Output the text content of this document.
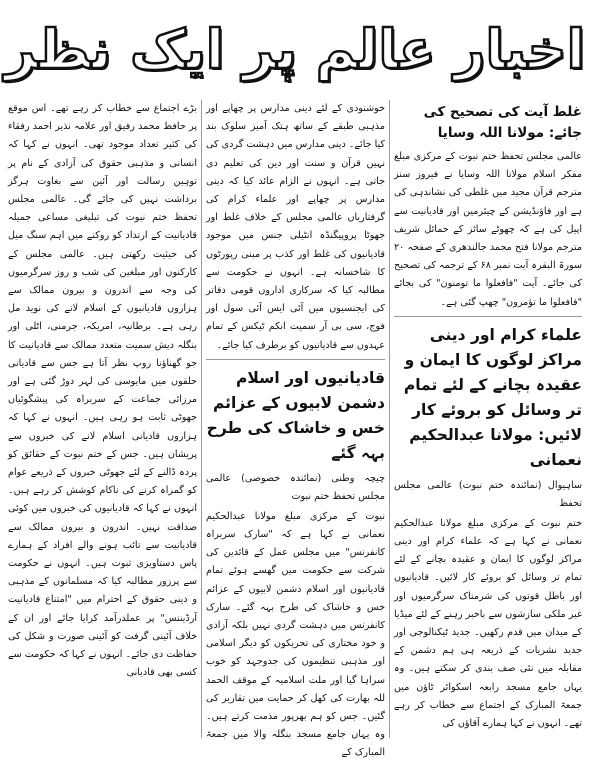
اخبار عالم پر ایک نظر
غلط آیت کی تصحیح کی جائے: مولانا اللہ وسایا

عالمی مجلس تحفظ ختم نبوت کے مرکزی مبلغ مفکر اسلام مولانا اللہ وسایا نے فیروز سنز مترجم قرآن مجید میں غلطی کی نشاندہی کی ہے اور فاؤنڈیشن کے چیئرمین اور قادیانیت سے اپیل کی ہے کہ چھوٹے سائز کے حمائل شریف مترجم مولانا فتح محمد جالندھری کے صفحہ ۲۰ سورۃ البقرہ آیت نمبر ۶۸ کے ترجمہ کی تصحیح کی جائے۔ آیت "فافعلوا ما تومنون" کی بجائے "فافعلوا ما تؤمرون" چھپ گئی ہے۔

علماء کرام اور دینی مراکز لوگوں کا ایمان و عقیدہ بچانے کے لئے تمام تر وسائل کو بروئے کار لائیں: مولانا عبدالحکیم نعمانی
ساہیوال (نمائندہ ختم نبوت) عالمی مجلس تحفظ

ختم نبوت کے مرکزی مبلغ مولانا عبدالحکیم نعمانی نے کہا ہے کہ علماء کرام اور دینی مراکز لوگوں کا ایمان و عقیدہ بچانے کے لئے تمام تر وسائل کو بروئے کار لائیں۔ قادیانیوں اور باطل قوتوں کی شرمناک سرگرمیوں اور غیر ملکی سازشوں سے باخبر رہنے کے لئے میڈیا کے میدان میں قدم رکھیں۔ جدید ٹیکنالوجی اور جدید نشریات کے ذریعہ ہی ہم دشمن کے مقابلہ میں نئی صف بندی کر سکتے ہیں۔ وہ یہاں جامع مسجد رابعہ اسکوائر ٹاؤن میں جمعۃ المبارک کے اجتماع سے خطاب کر رہے تھے۔ انہوں نے کہا ہمارے آقاؤں کی

خوشنودی کے لئے دینی مدارس پر چھاپے اور مذہبی طبقے کے ساتھ ہتک آمیز سلوک بند کیا جائے۔ دینی مدارس میں دہشت گردی کی نہیں قرآن و سنت اور دین کی تعلیم دی جاتی ہے۔ انہوں نے الزام عائد کیا کہ دینی مدارس پر چھاپے اور علماء کرام کی گرفتاریاں عالمی مجلس کے خلاف غلط اور جھوٹا پروپیگنڈہ انٹیلی جنس میں موجود قادیانیوں کی غلط اور کذب پر مبنی رپورٹوں کا شاخسانہ ہے۔ انہوں نے حکومت سے مطالبہ کیا کہ سرکاری اداروں قومی دفاتر کی ایجنسیوں میں آئی ایس آئی سول اور فوج، سی بی آر سمیت انکم ٹیکس کے تمام عہدوں سے قادیانیوں کو برطرف کیا جائے۔

قادیانیوں اور اسلام دشمن لابیوں کے عزائم خس و خاشاک کی طرح بہہ گئے
چیچہ وطنی (نمائندہ خصوصی) عالمی مجلس تحفظ ختم نبوت

نبوت کے مرکزی مبلغ مولانا عبدالحکیم نعمانی نے کہا ہے کہ "سارک سربراہ کانفرنس" میں مجلس عمل کے قائدین کی شرکت سے حکومت میں گھسے ہوئے تمام قادیانیوں اور اسلام دشمن لابیوں کے عزائم خس و خاشاک کی طرح بہہ گئے۔ سارک کانفرنس میں دہشت گردی نہیں بلکہ آزادی و خود مختاری کی تحریکوں کو دیگر اسلامی اور مذہبی تنظیموں کی جدوجہد کو خوب سراہا گیا اور ملت اسلامیہ کے موقف الحمد للہ بھارت کی کھل کر حمایت میں تقاریر کی گئیں۔ جس کو ہم بھرپور مذمت کرتے ہیں۔ وہ یہاں جامع مسجد بنگلہ والا میں جمعۃ المبارک کے

بڑے اجتماع سے خطاب کر رہے تھے۔ اس موقع پر حافظ محمد رفیق اور علامہ نذیر احمد رفقاء کی کثیر تعداد موجود تھی۔ انہوں نے کہا کہ انسانی و مذہبی حقوق کی آزادی کے نام پر توہین رسالت اور آئین سے بغاوت ہرگز برداشت نہیں کی جائے گی۔ عالمی مجلس تحفظ ختم نبوت کی تبلیغی مساعی جمیلہ قادیانیت کے ارتداد کو روکنے میں اہم سنگ میل کی حیثیت رکھتی ہیں۔ عالمی مجلس کے کارکنوں اور مبلغین کی شب و روز سرگرمیوں کی وجہ سے اندرون و بیرون ممالک سے ہزاروں قادیانیوں کے اسلام لانے کی نوید مل رہی ہے۔ برطانیہ، امریکہ، جرمنی، اٹلی اور بنگلہ دیش سمیت متعدد ممالک سے قادیانیت کا جو گھناؤنا روپ نظر آتا ہے جس سے قادیانی حلقوں میں مایوسی کی لہر دوڑ گئی ہے اور مرزائی جماعت کے سربراہ کی پیشگوئیاں جھوٹی ثابت ہو رہی ہیں۔ انہوں نے کہا کہ ہزاروں قادیانی اسلام لانے کی خبروں سے پریشان ہیں۔ جس کے ختم نبوت کے حقائق کو پردہ ڈالنے کے لئے جھوٹی خبروں کے ذریعے عوام کو گمراہ کرنے کی ناکام کوشش کر رہے ہیں۔ انہوں نے کہا کہ قادیانیوں کی خبروں میں کوئی صداقت نہیں۔ اندرون و بیرون ممالک سے قادیانیت سے تائب ہونے والے افراد کے ہمارے پاس دستاویزی ثبوت ہیں۔ انہوں نے حکومت سے پرزور مطالبہ کیا کہ مسلمانوں کے مذہبی و دینی حقوق کے احترام میں "امتناع قادیانیت آرڈیننس" پر عملدرآمد کرایا جائے اور ان کے خلاف آئینی گرفت کو آئینی صورت و شکل کی حفاظت دی جائے۔ انہوں نے کہا کہ حکومت سے کسی بھی قادیانی
